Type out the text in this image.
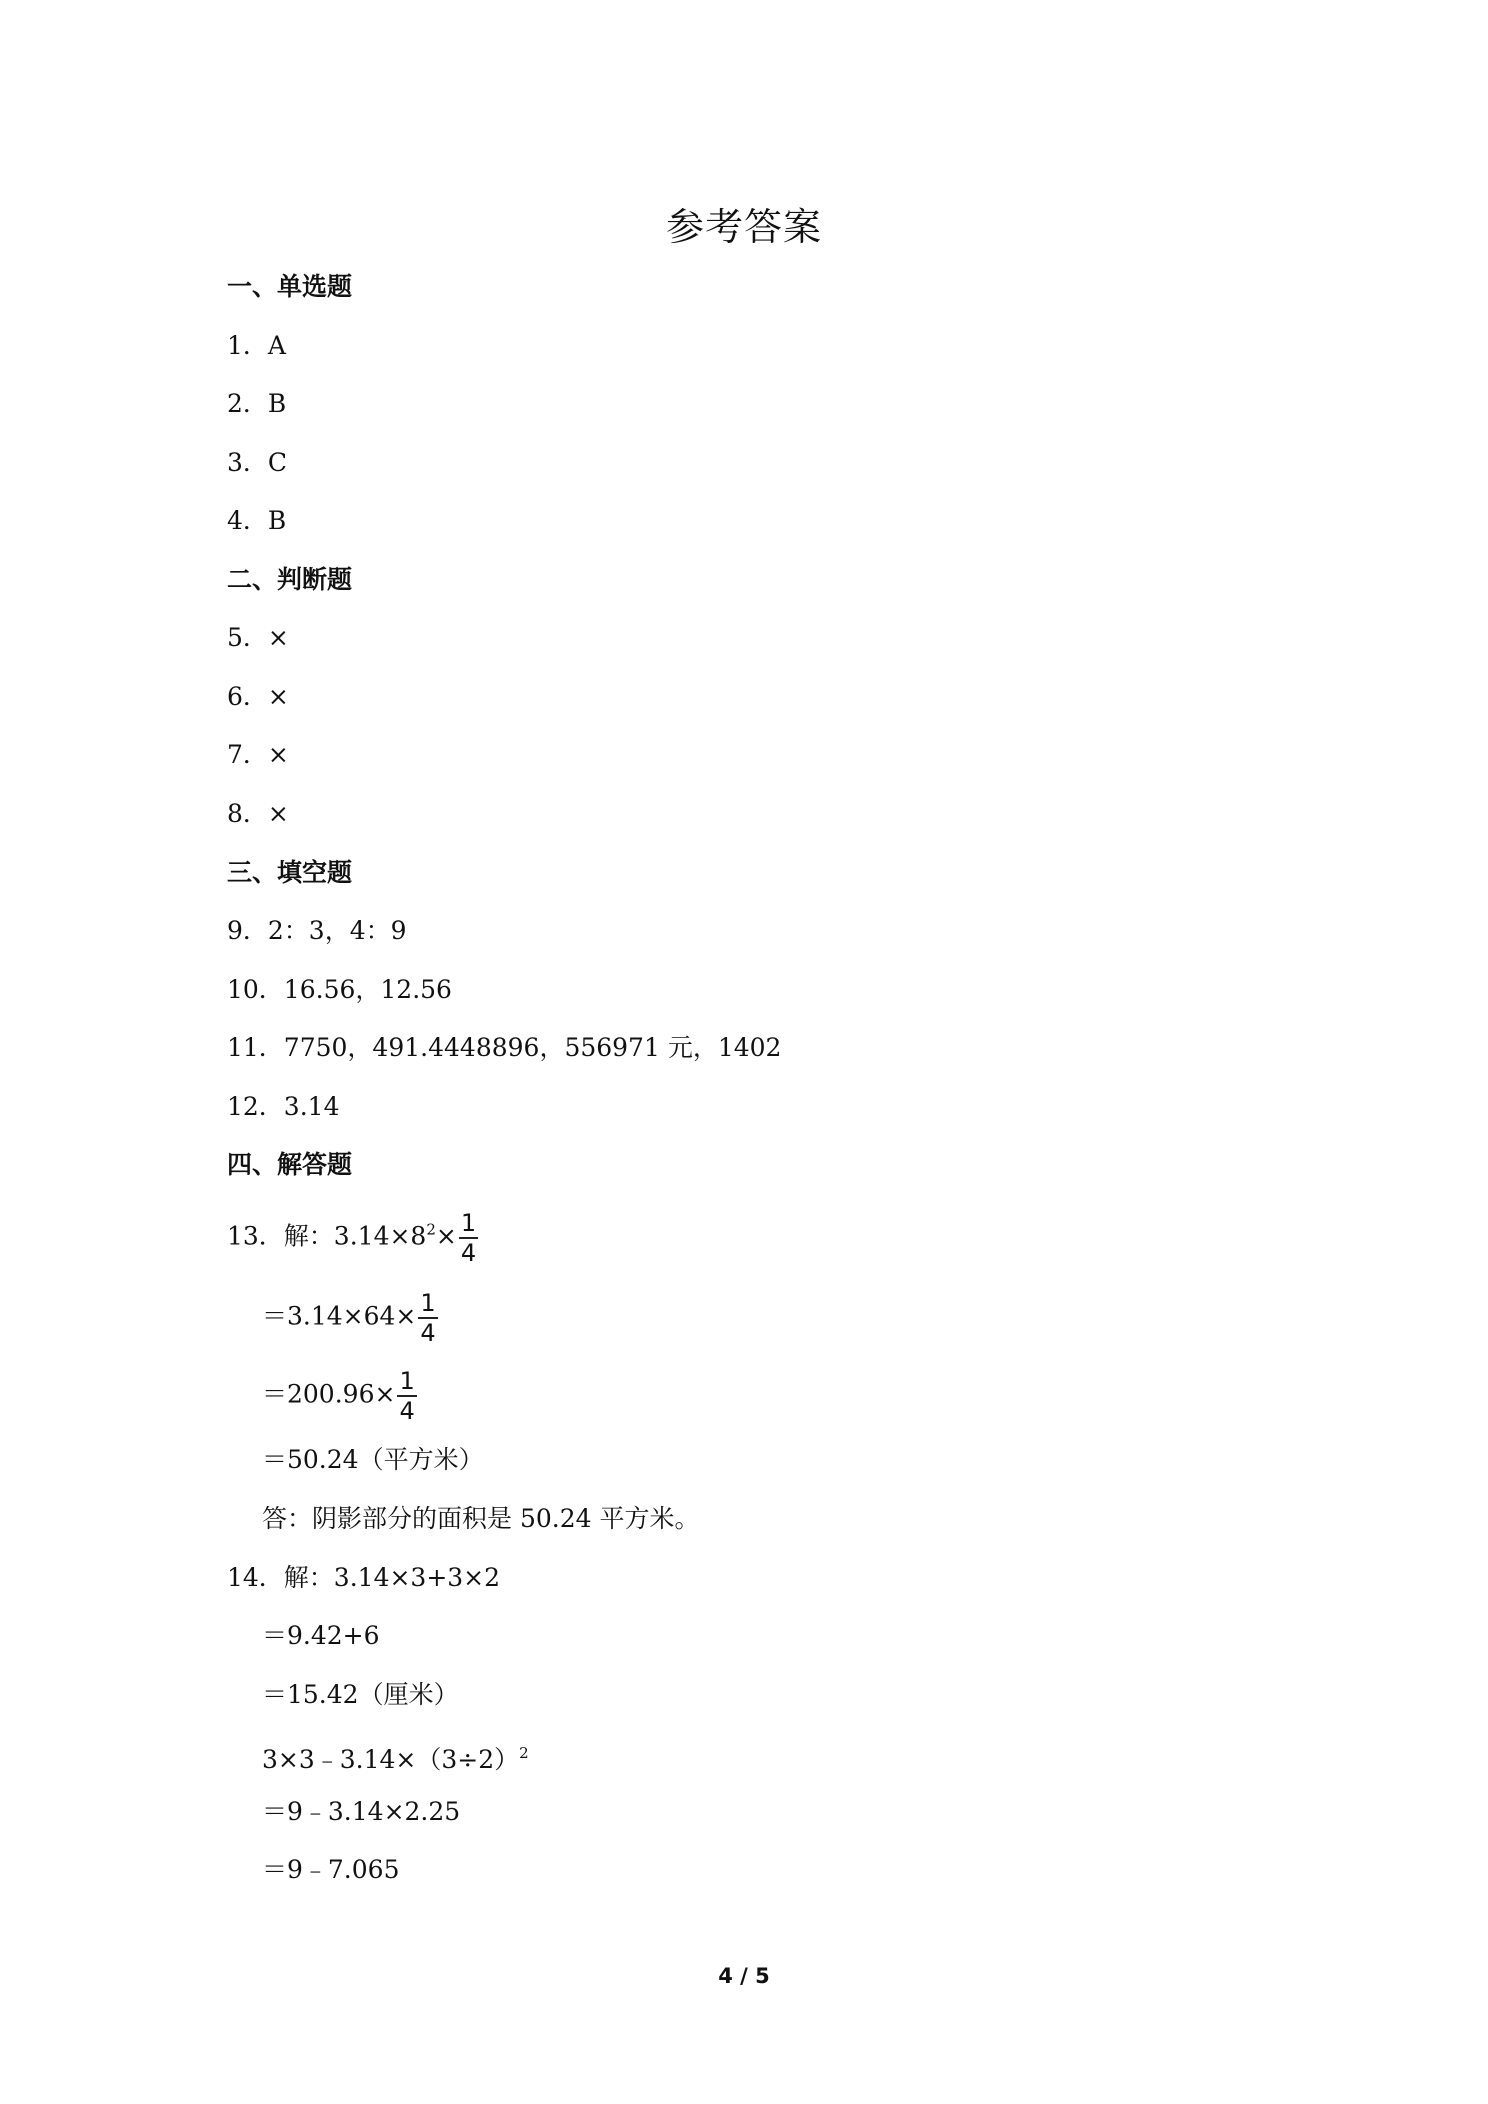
参考答案
一、单选题
1．A
2．B
3．C
4．B
二、判断题
5．×
6．×
7．×
8．×
三、填空题
9．2：3，4：9
10．16.56，12.56
11．7750，491.4448896，556971 元，1402
12．3.14
四、解答题
13．解：$3.14\times 8^2\times \frac{1}{4}$
$=3.14\times 64\times \frac{1}{4}$
$=200.96\times \frac{1}{4}$
＝50.24（平方米）
答：阴影部分的面积是 50.24 平方米。
14．解：3.14×3+3×2
＝9.42+6
＝15.42（厘米）
$3\times 3﹣3.14\times(3\div 2)^2$
＝9﹣3.14×2.25
＝9﹣7.065
4 / 5
